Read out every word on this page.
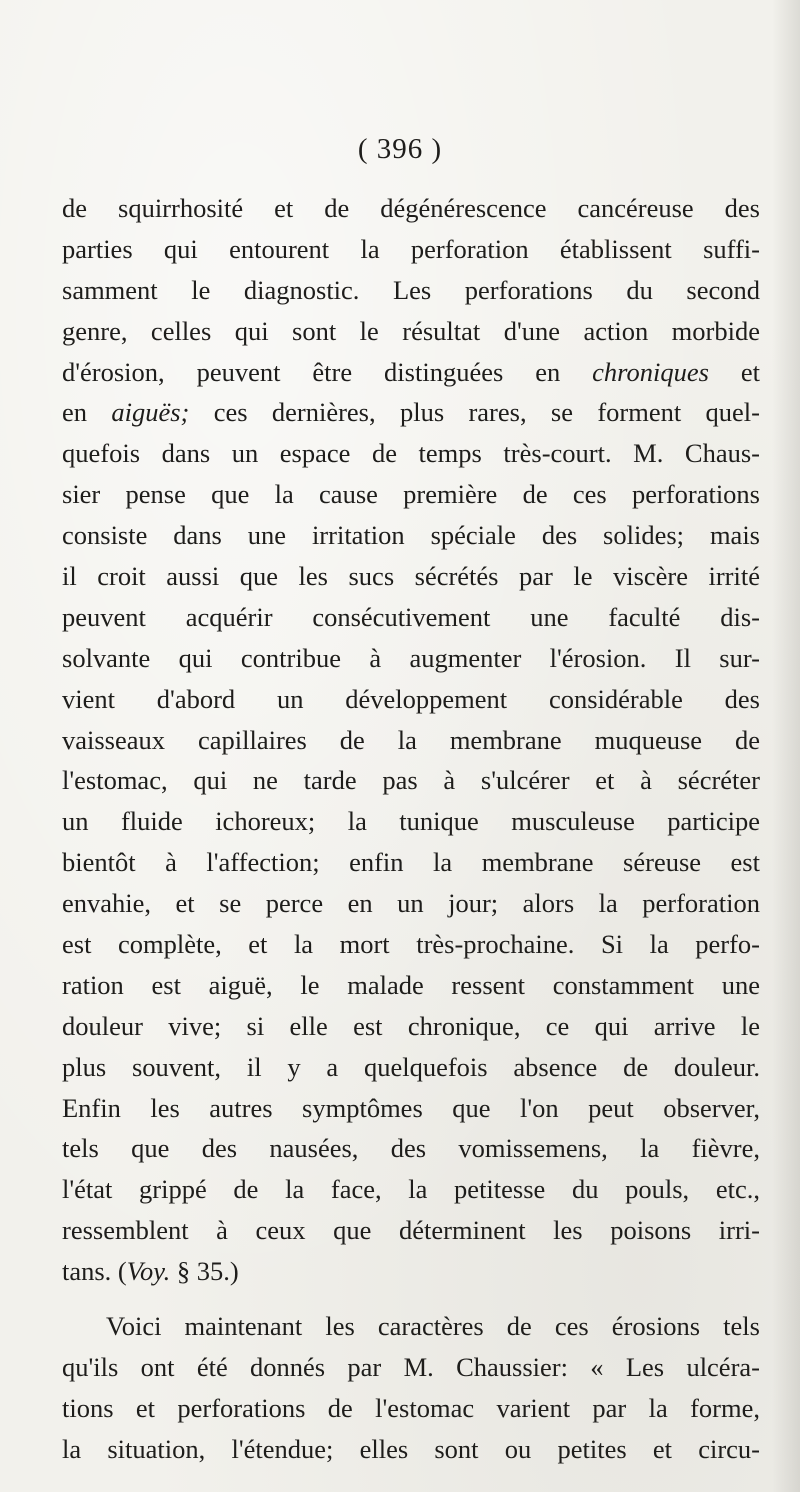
( 396 )
de squirrhosité et de dégénérescence cancéreuse des
parties qui entourent la perforation établissent suffi-
samment le diagnostic. Les perforations du second
genre, celles qui sont le résultat d'une action morbide
d'érosion, peuvent être distinguées en chroniques et
en aiguës; ces dernières, plus rares, se forment quel-
quefois dans un espace de temps très-court. M. Chaus-
sier pense que la cause première de ces perforations
consiste dans une irritation spéciale des solides; mais
il croit aussi que les sucs sécrétés par le viscère irrité
peuvent acquérir consécutivement une faculté dis-
solvante qui contribue à augmenter l'érosion. Il sur-
vient d'abord un développement considérable des
vaisseaux capillaires de la membrane muqueuse de
l'estomac, qui ne tarde pas à s'ulcérer et à sécréter
un fluide ichoreux; la tunique musculeuse participe
bientôt à l'affection; enfin la membrane séreuse est
envahie, et se perce en un jour; alors la perforation
est complète, et la mort très-prochaine. Si la perfo-
ration est aiguë, le malade ressent constamment une
douleur vive; si elle est chronique, ce qui arrive le
plus souvent, il y a quelquefois absence de douleur.
Enfin les autres symptômes que l'on peut observer,
tels que des nausées, des vomissemens, la fièvre,
l'état grippé de la face, la petitesse du pouls, etc.,
ressemblent à ceux que déterminent les poisons irri-
tans. (Voy. § 35.)
Voici maintenant les caractères de ces érosions tels
qu'ils ont été donnés par M. Chaussier: « Les ulcéra-
tions et perforations de l'estomac varient par la forme,
la situation, l'étendue; elles sont ou petites et circu-
